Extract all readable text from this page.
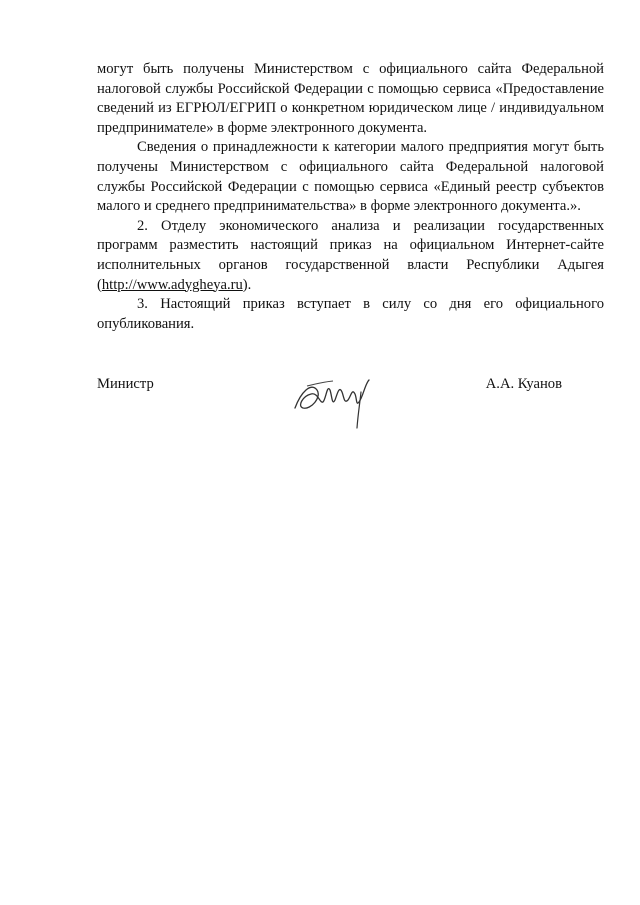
могут быть получены Министерством с официального сайта Федеральной налоговой службы Российской Федерации с помощью сервиса «Предоставление сведений из ЕГРЮЛ/ЕГРИП о конкретном юридическом лице / индивидуальном предпринимателе» в форме электронного документа.

Сведения о принадлежности к категории малого предприятия могут быть получены Министерством с официального сайта Федеральной налоговой службы Российской Федерации с помощью сервиса «Единый реестр субъектов малого и среднего предпринимательства» в форме электронного документа.».

2. Отделу экономического анализа и реализации государственных программ разместить настоящий приказ на официальном Интернет-сайте исполнительных органов государственной власти Республики Адыгея (http://www.adygheya.ru).

3. Настоящий приказ вступает в силу со дня его официального опубликования.

Министр	А.А. Куанов
